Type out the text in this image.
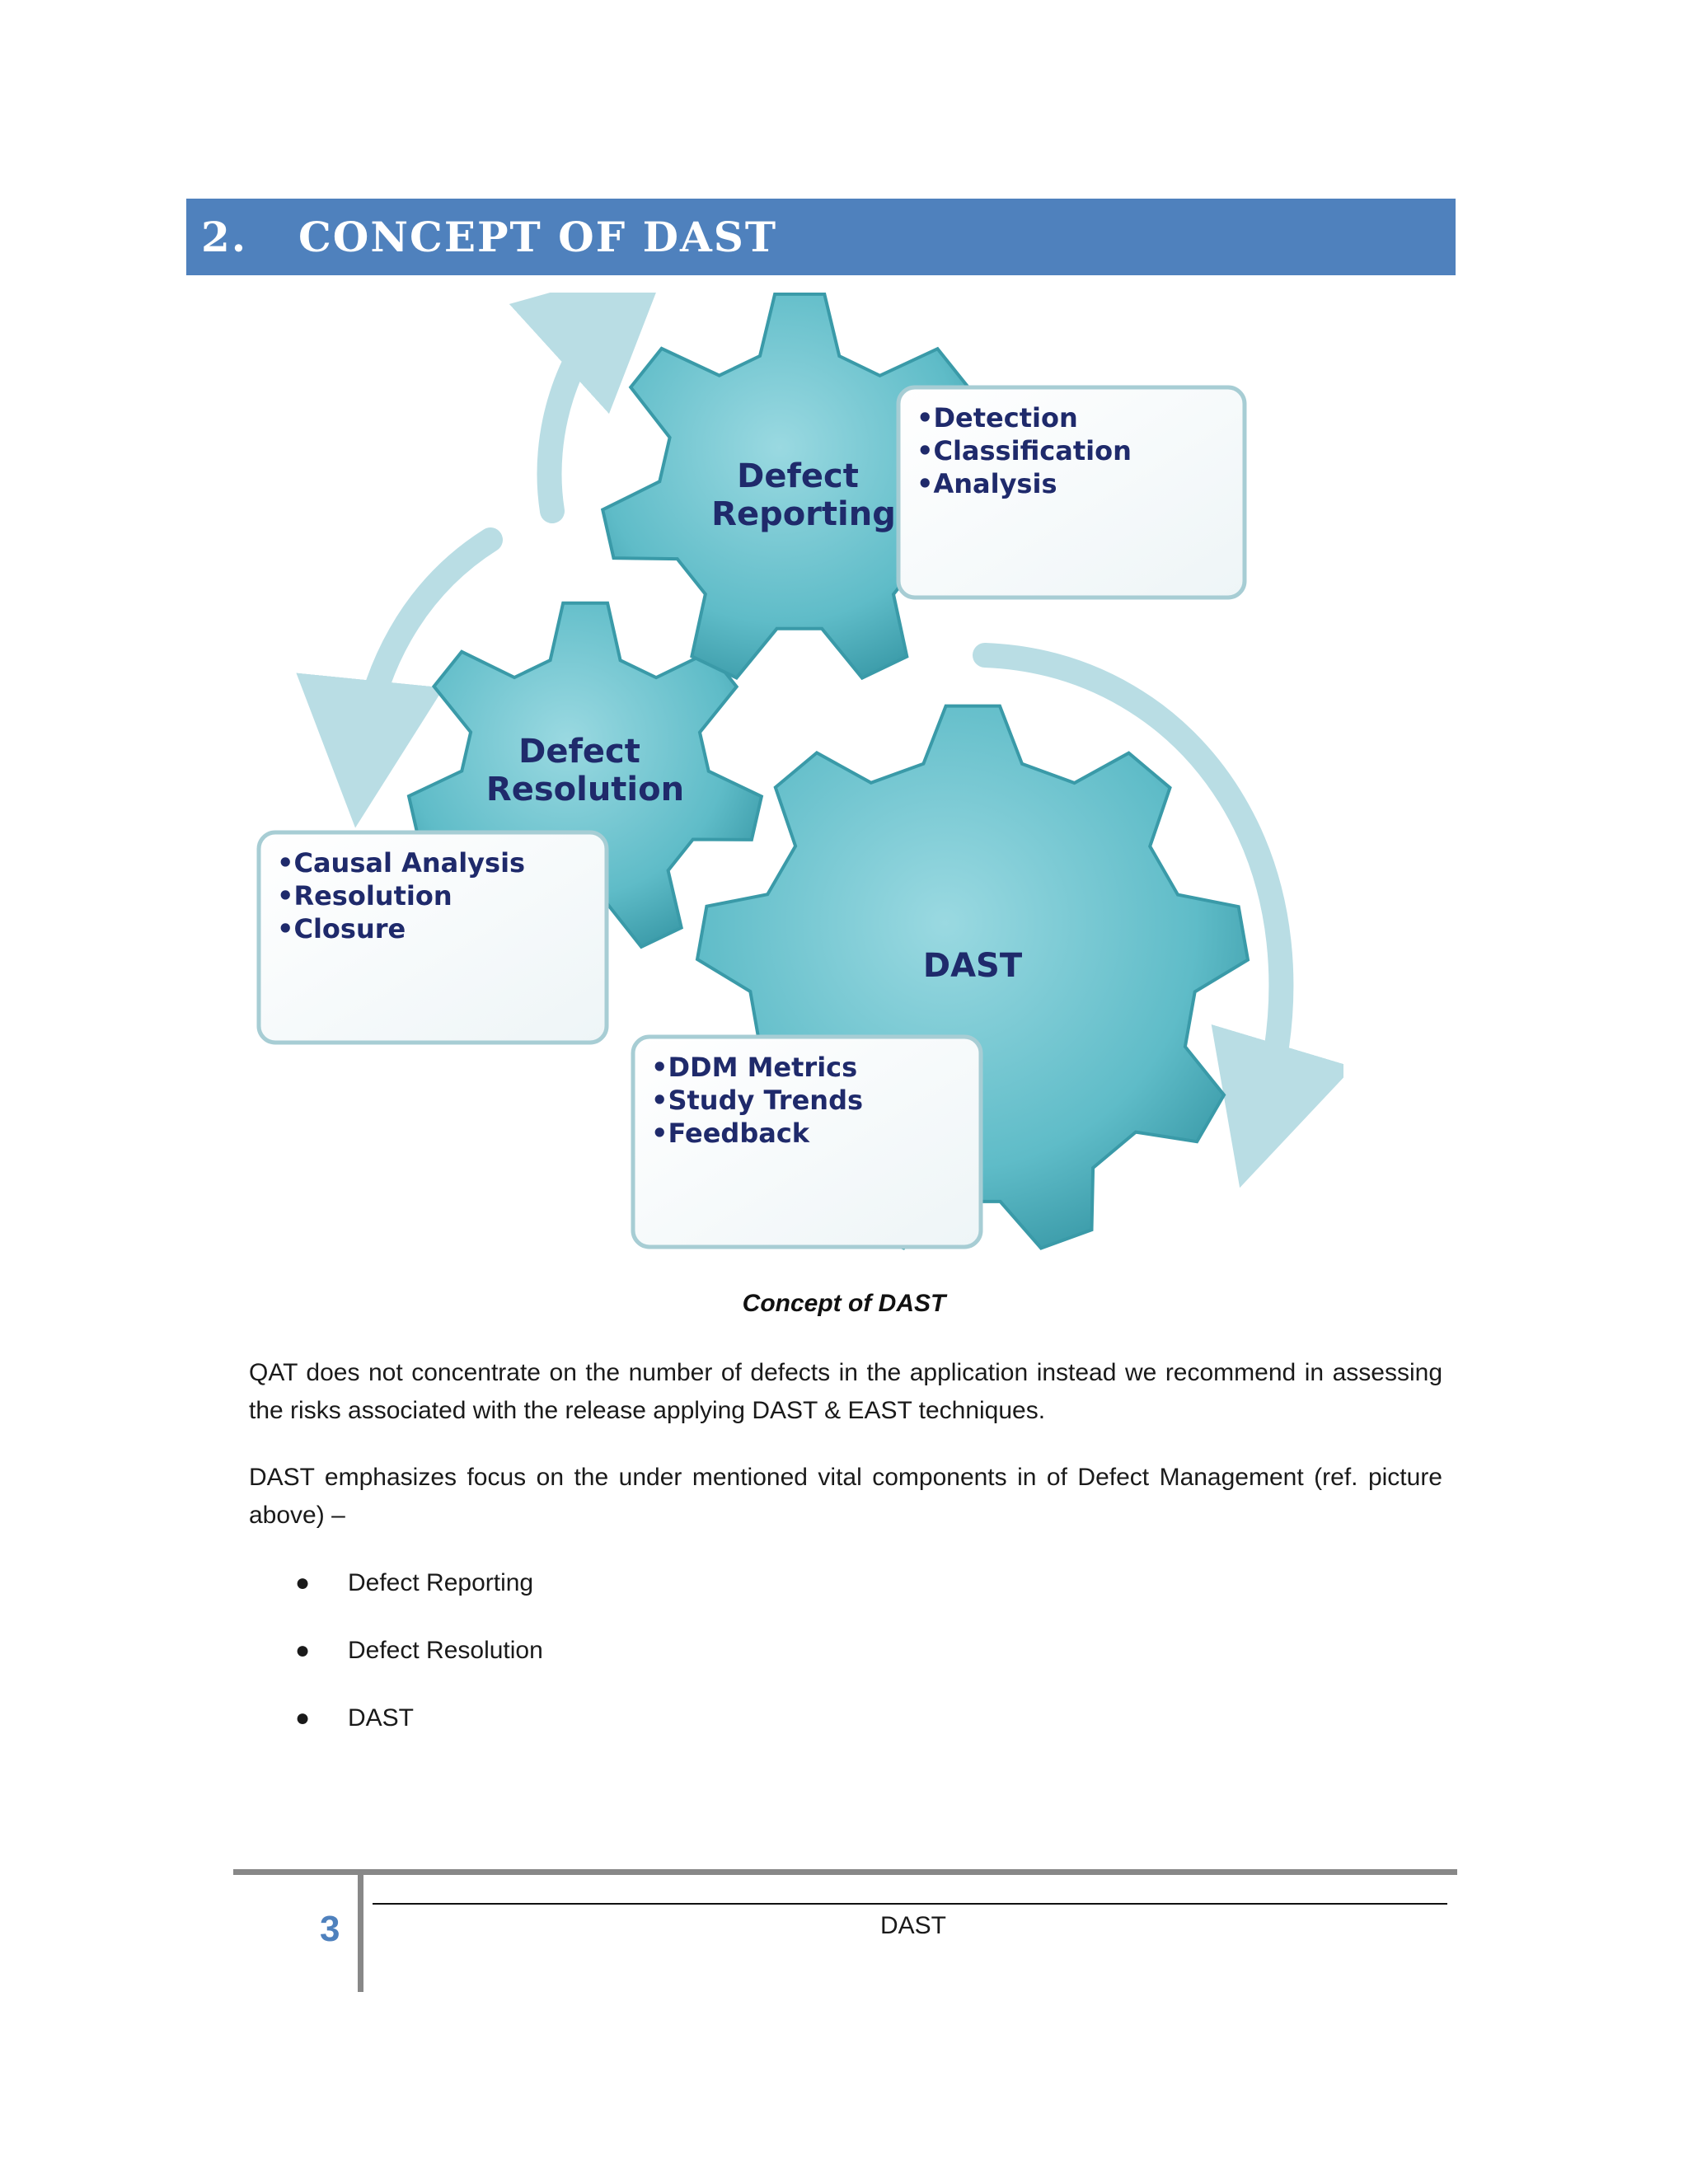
2. CONCEPT OF DAST
Defect Reporting
Defect Resolution
DAST
•Detection •Classification •Analysis
•Causal Analysis •Resolution •Closure
•DDM Metrics •Study Trends •Feedback
Concept of DAST
QAT does not concentrate on the number of defects in the application instead we recommend in assessing the risks associated with the release applying DAST & EAST techniques.
DAST emphasizes focus on the under mentioned vital components in of Defect Management (ref. picture above) –
● Defect Reporting
● Defect Resolution
● DAST
3	DAST
